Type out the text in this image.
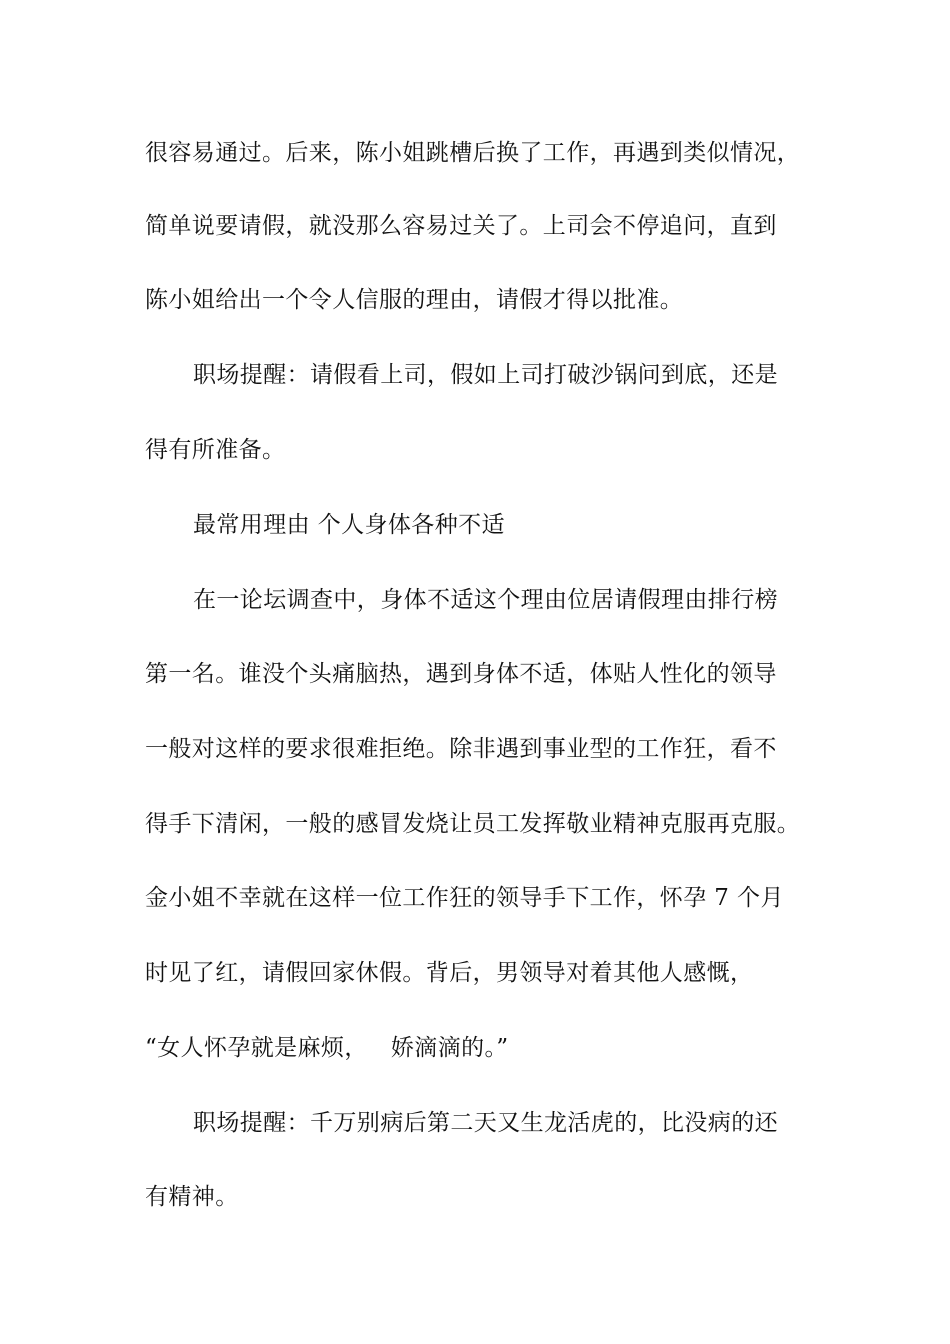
很容易通过。后来，陈小姐跳槽后换了工作，再遇到类似情况，
简单说要请假，就没那么容易过关了。上司会不停追问，直到
陈小姐给出一个令人信服的理由，请假才得以批准。
职场提醒：请假看上司，假如上司打破沙锅问到底，还是
得有所准备。
最常用理由 个人身体各种不适
在一论坛调查中，身体不适这个理由位居请假理由排行榜
第一名。谁没个头痛脑热，遇到身体不适，体贴人性化的领导
一般对这样的要求很难拒绝。除非遇到事业型的工作狂，看不
得手下清闲，一般的感冒发烧让员工发挥敬业精神克服再克服。
金小姐不幸就在这样一位工作狂的领导手下工作，怀孕 7 个月
时见了红，请假回家休假。背后，男领导对着其他人感慨，
“女人怀孕就是麻烦，   娇滴滴的。”
职场提醒：千万别病后第二天又生龙活虎的，比没病的还
有精神。
